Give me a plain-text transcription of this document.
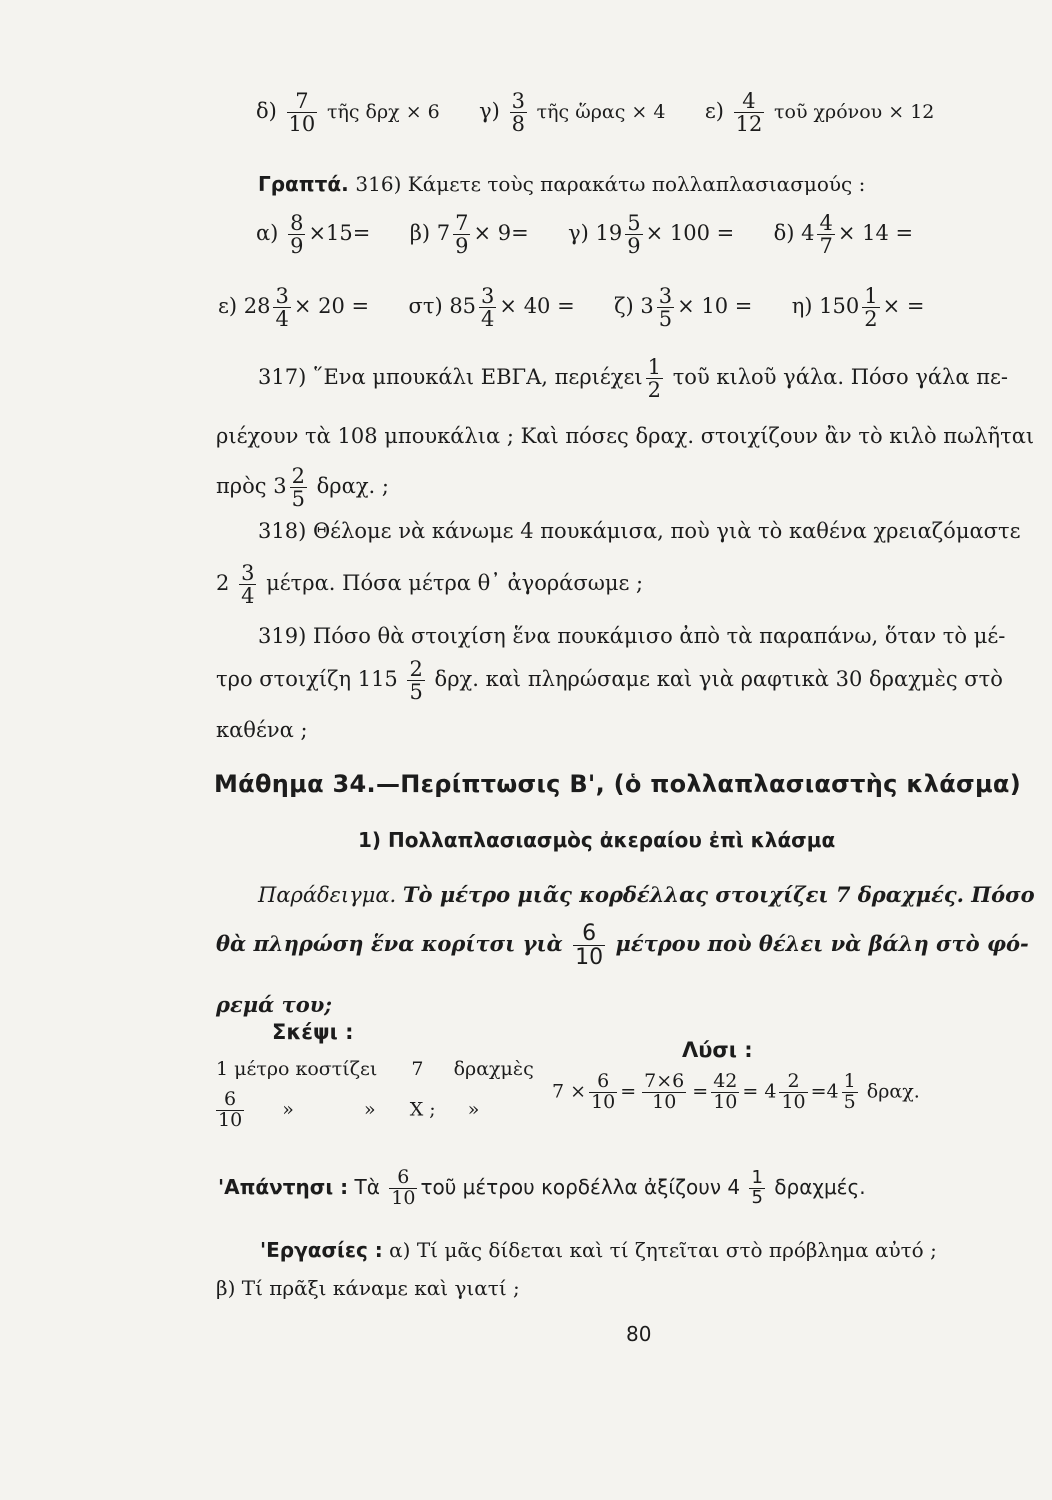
$\delta) \frac{7}{10}$ τῆς δρχ × 6 $\gamma) \frac{3}{8}$ τῆς ὥρας × 4 $\varepsilon) \frac{4}{12}$ τοῦ χρόνου × 12
Γραπτά. 316) Κάμετε τοὺς παρακάτω πολλαπλασιασμούς :
$\alpha) \frac{8}{9} \times 15= \beta$) $7 \frac{7}{9} \times 9= \gamma$) $19 \frac{5}{9} \times 100 = \delta$) $4 \frac{4}{7} \times 14$ =
ε) $28 \frac{3}{4} \times 20 = \sigma\tau$) $85 \frac{3}{4} \times 40 = \zeta$) $3 \frac{3}{5} \times 10 = \eta$) $150 \frac{1}{2}$ × =
317) ῞Ενα μπουκάλι ΕΒΓΑ, περιέχει $\frac{1}{2}$ τοῦ κιλοῦ γάλα. Πόσο γάλα πε-
ριέχουν τὰ 108 μπουκάλια ; Καὶ πόσες δραχ. στοιχίζουν ἂν τὸ κιλὸ πωλῆται
πρὸς $3 \frac{2}{5} \delta\rho\alpha\chi$. ;
318) Θέλομε νὰ κάνωμε 4 πουκάμισα, ποὺ γιὰ τὸ καθένα χρειαζόμαστε
$2 \frac{3}{4} \mu έ\tau\rho\alpha$. Πόσα μέτρα θ᾿ ἀγοράσωμε ;
319) Πόσο θὰ στοιχίση ἕνα πουκάμισο ἀπὸ τὰ παραπάνω, ὅταν τὸ μέ-
τρο στοιχίζη $115 \frac{2}{5} \delta\rho\chi$. καὶ πληρώσαμε καὶ γιὰ ραφτικὰ 30 δραχμὲς στὸ
καθένα ;
Μάθημα 34.—Περίπτωσις Β', (ὁ πολλαπλασιαστὴς κλάσμα)
1) Πολλαπλασιασμὸς ἀκεραίου ἐπὶ κλάσμα
Παράδειγμα. Τὸ μέτρο μιᾶς κορδέλλας στοιχίζει 7 δραχμές. Πόσο
θὰ πληρώση ἕνα κορίτσι γιὰ $\frac{6}{10}$ μέτρου ποὺ θέλει νὰ βάλη στὸ φό-
ρεμά του;
Σκέψι :
1 μέτρο κοστίζει 7 δραχμὲς
$\frac{6}{10}$ »	» Χ ; »
Λύσι :
$7 \times \frac{6}{10} = \frac{7\times 6}{10} = \frac{42}{10} = 4 \frac{2}{10} =4 \frac{1}{5} \delta\rho\alpha\chi$.
'Απάντησι : Τὰ $\frac{6}{10}$ τοῦ μέτρου κορδέλλα ἀξίζουν $4 \frac{1}{5} \delta\rho\alpha\chi\mu έ\varsigma$.
'Εργασίες : α) Τί μᾶς δίδεται καὶ τί ζητεῖται στὸ πρόβλημα αὐτό ;
β) Τί πρᾶξι κάναμε καὶ γιατί ;
80
